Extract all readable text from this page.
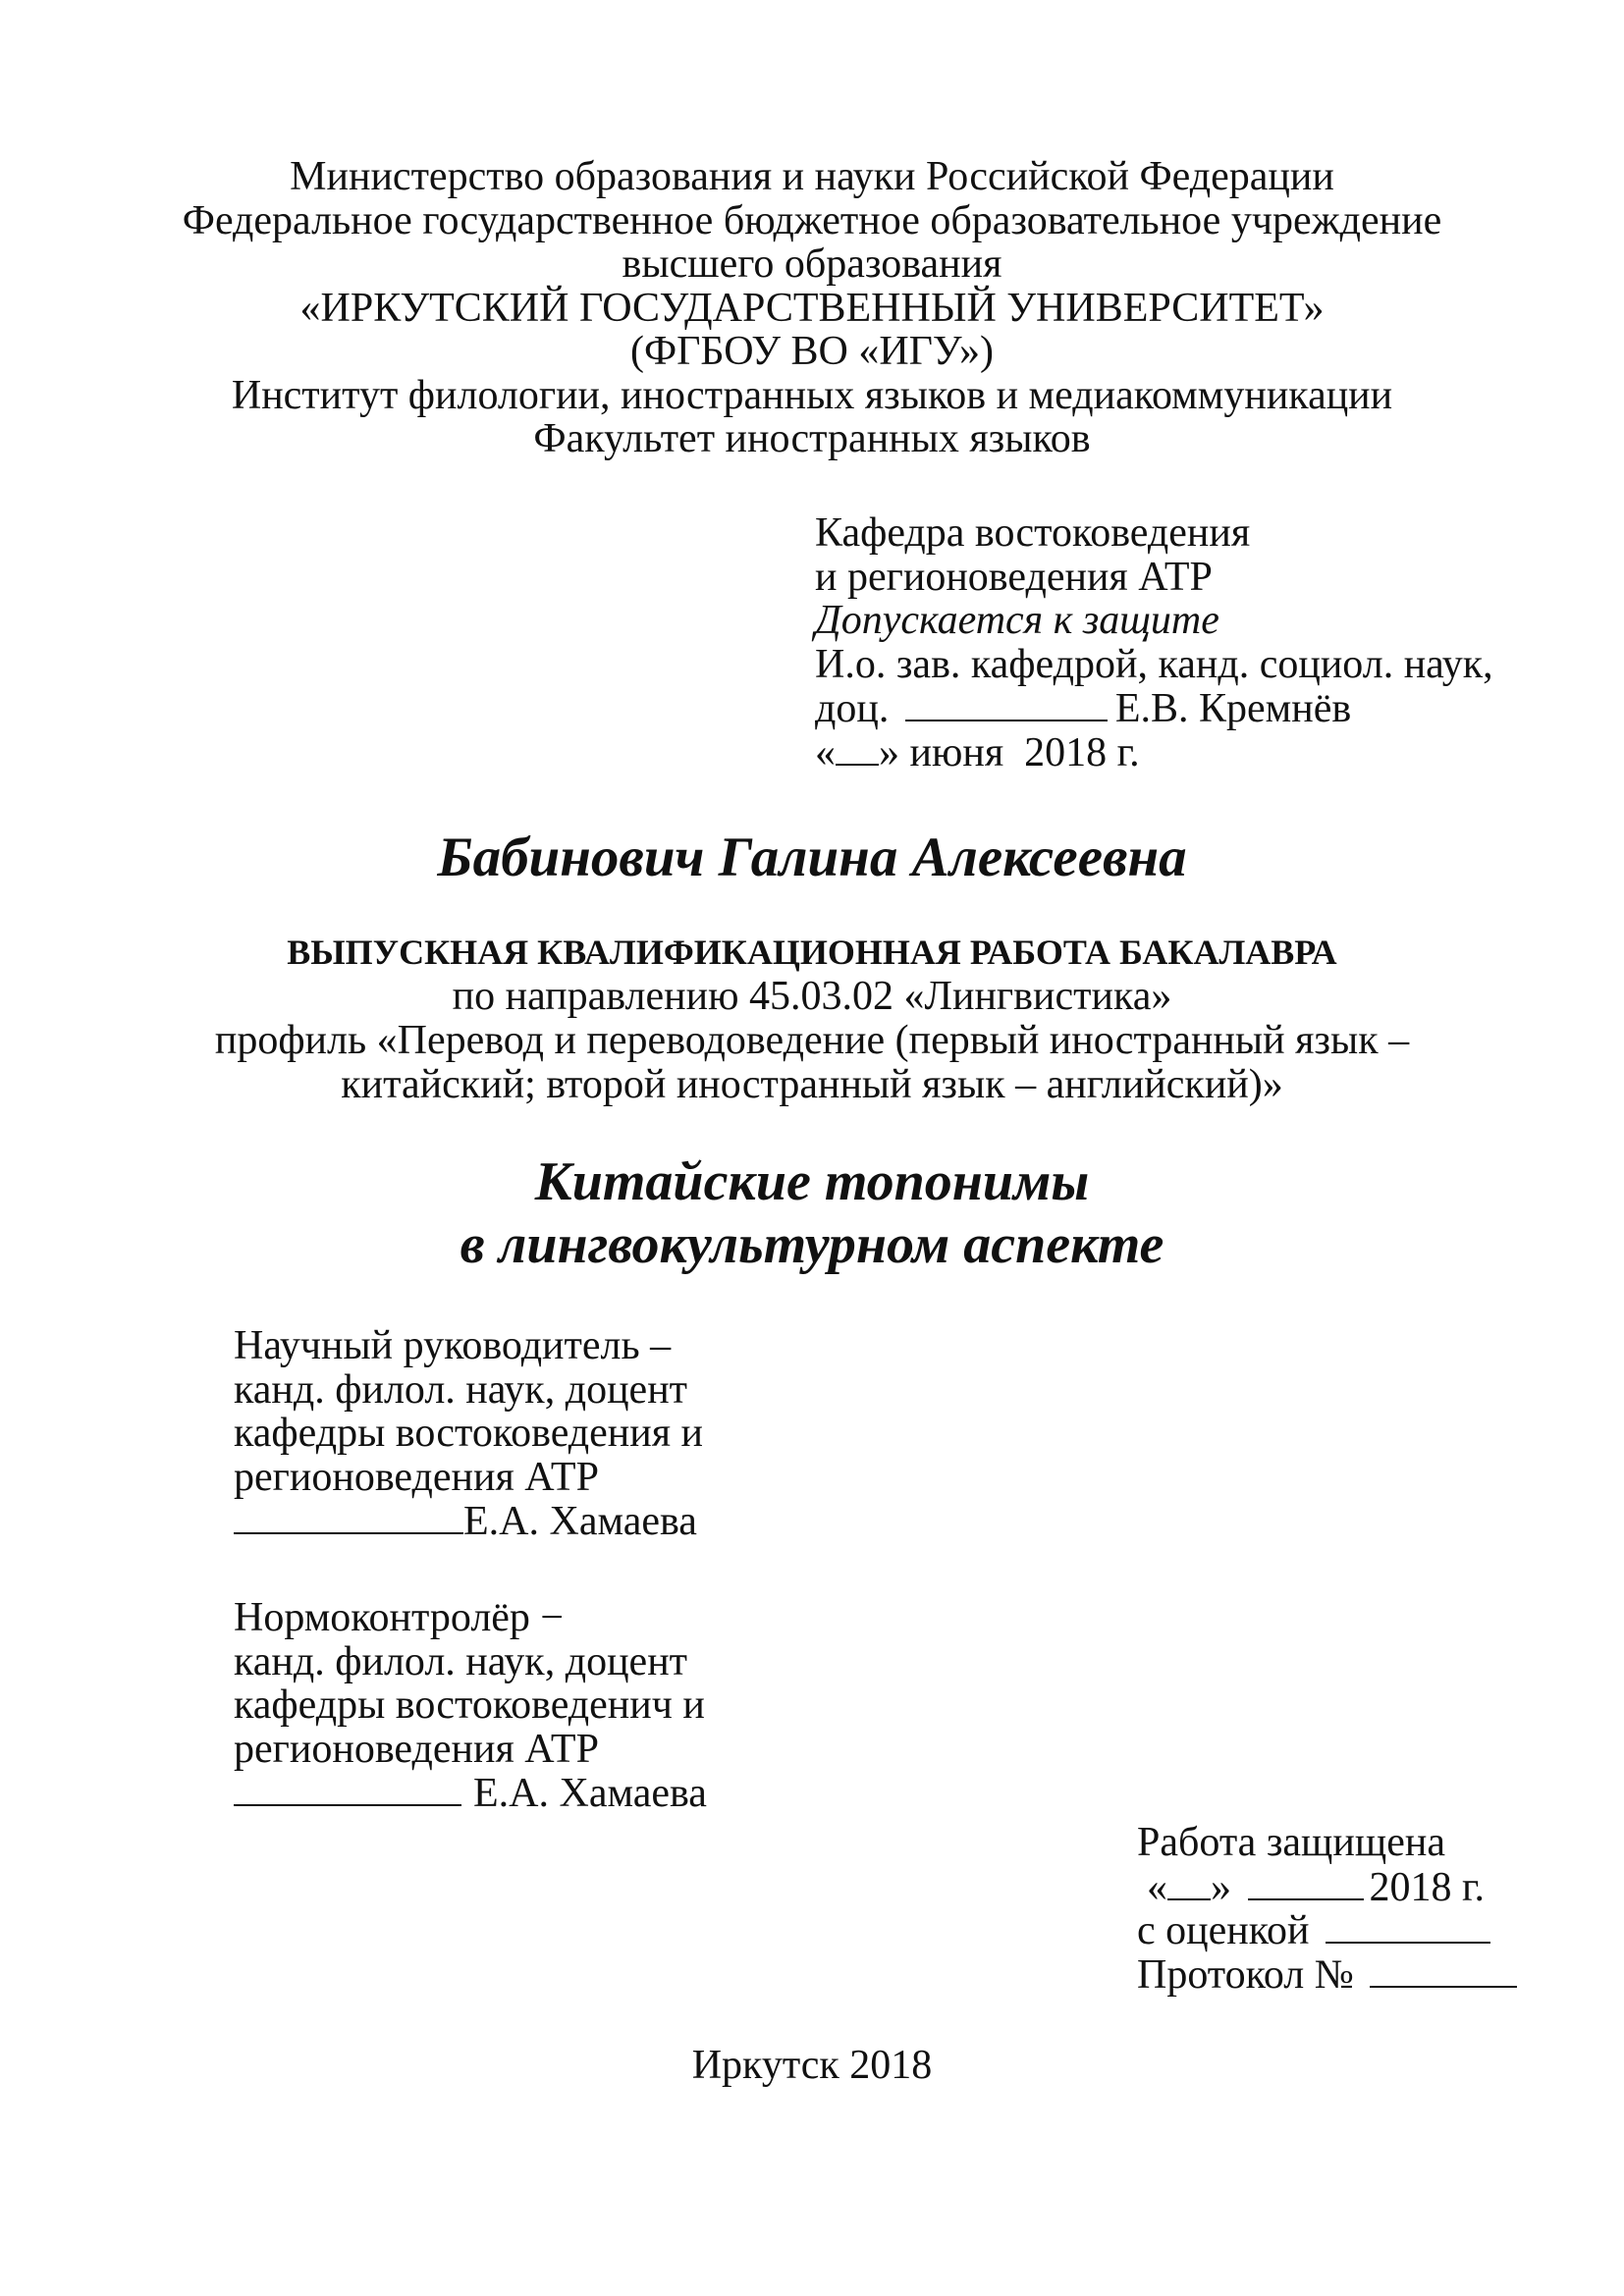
Министерство образования и науки Российской Федерации
Федеральное государственное бюджетное образовательное учреждение
высшего образования
«ИРКУТСКИЙ ГОСУДАРСТВЕННЫЙ УНИВЕРСИТЕТ»
(ФГБОУ ВО «ИГУ»)
Институт филологии, иностранных языков и медиакоммуникации
Факультет иностранных языков
Кафедра востоковедения
и регионоведения АТР
Допускается к защите
И.о. зав. кафедрой, канд. социол. наук,
доц.	Е.В. Кремнёв
« » июня  2018 г.
Бабинович Галина Алексеевна
ВЫПУСКНАЯ КВАЛИФИКАЦИОННАЯ РАБОТА БАКАЛАВРА
по направлению 45.03.02 «Лингвистика»
профиль «Перевод и переводоведение (первый иностранный язык –
китайский; второй иностранный язык – английский)»
Китайские топонимы
в лингвокультурном аспекте
Научный руководитель –
канд. филол. наук, доцент
кафедры востоковедения и
регионоведения АТР
Е.А. Хамаева
Нормоконтролёр −
канд. филол. наук, доцент
кафедры востоковеденич и
регионоведения АТР
Е.А. Хамаева
Работа защищена
« »	2018 г.
с оценкой
Протокол №
Иркутск 2018
